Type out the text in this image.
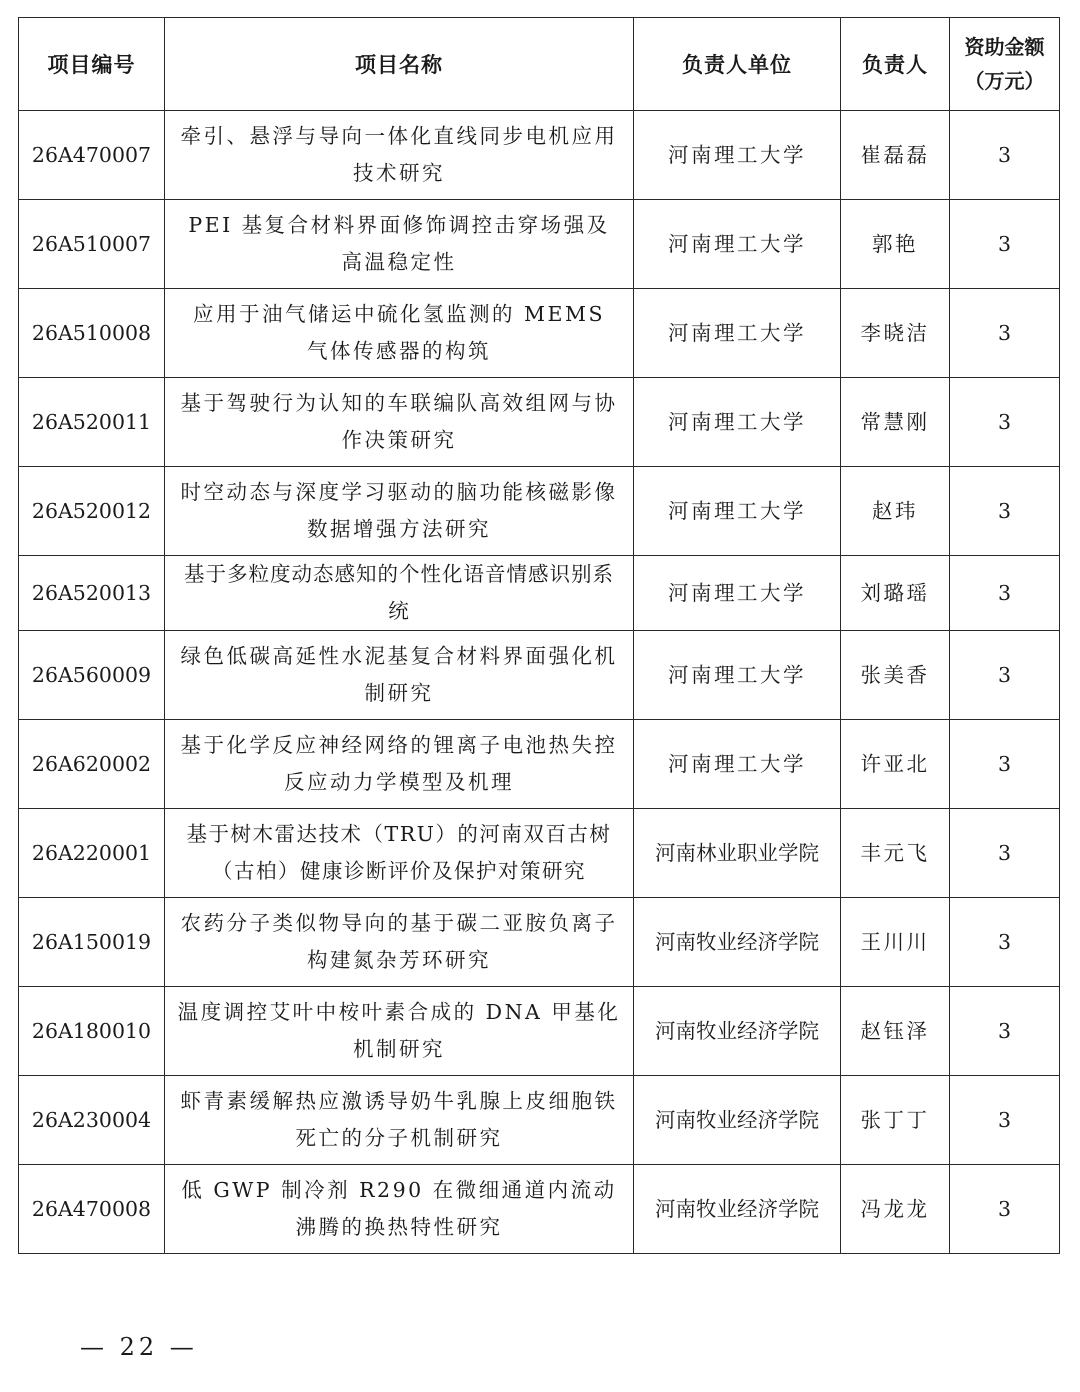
项目编号	项目名称	负责人单位	负责人	资助金额
（万元）
26A470007	牵引、悬浮与导向一体化直线同步电机应用技术研究	河南理工大学	崔磊磊	3
26A510007	PEI 基复合材料界面修饰调控击穿场强及高温稳定性	河南理工大学	郭艳	3
26A510008	应用于油气储运中硫化氢监测的 MEMS 气体传感器的构筑	河南理工大学	李晓洁	3
26A520011	基于驾驶行为认知的车联编队高效组网与协作决策研究	河南理工大学	常慧刚	3
26A520012	时空动态与深度学习驱动的脑功能核磁影像数据增强方法研究	河南理工大学	赵玮	3
26A520013	基于多粒度动态感知的个性化语音情感识别系统	河南理工大学	刘璐瑶	3
26A560009	绿色低碳高延性水泥基复合材料界面强化机制研究	河南理工大学	张美香	3
26A620002	基于化学反应神经网络的锂离子电池热失控反应动力学模型及机理	河南理工大学	许亚北	3
26A220001	基于树木雷达技术（TRU）的河南双百古树（古柏）健康诊断评价及保护对策研究	河南林业职业学院	丰元飞	3
26A150019	农药分子类似物导向的基于碳二亚胺负离子构建氮杂芳环研究	河南牧业经济学院	王川川	3
26A180010	温度调控艾叶中桉叶素合成的 DNA 甲基化机制研究	河南牧业经济学院	赵钰泽	3
26A230004	虾青素缓解热应激诱导奶牛乳腺上皮细胞铁死亡的分子机制研究	河南牧业经济学院	张丁丁	3
26A470008	低 GWP 制冷剂 R290 在微细通道内流动沸腾的换热特性研究	河南牧业经济学院	冯龙龙	3
— 22 —
